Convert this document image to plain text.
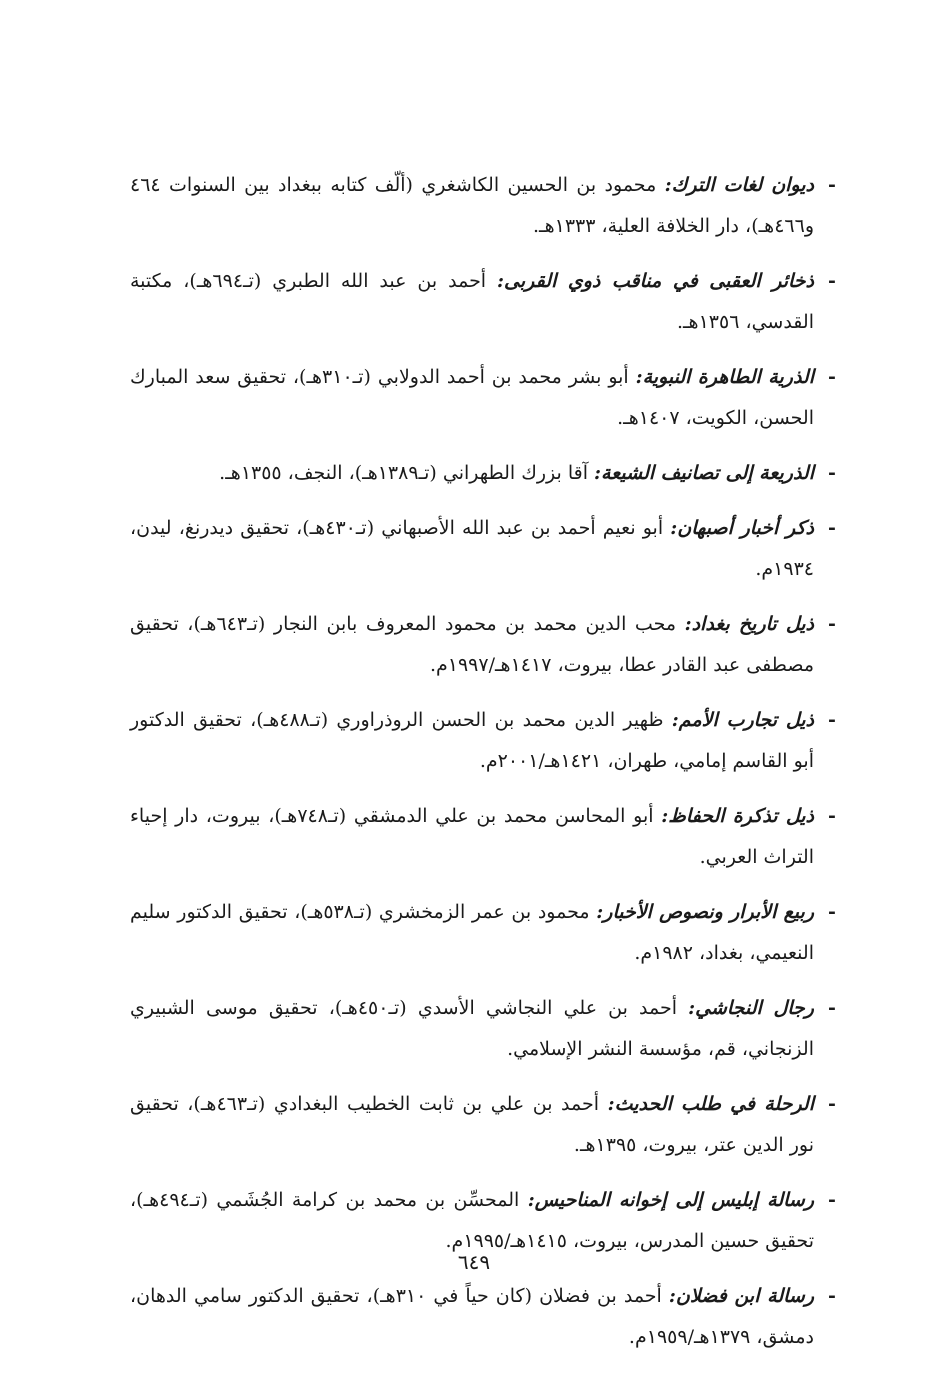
-
ديوان لغات الترك: محمود بن الحسين الكاشغري (ألّف كتابه ببغداد بين السنوات ٤٦٤ و٤٦٦هـ)، دار الخلافة العلية، ١٣٣٣هـ.
-
ذخائر العقبى في مناقب ذوي القربى: أحمد بن عبد الله الطبري (تـ٦٩٤هـ)، مكتبة القدسي، ١٣٥٦هـ.
-
الذرية الطاهرة النبوية: أبو بشر محمد بن أحمد الدولابي (تـ٣١٠هـ)، تحقيق سعد المبارك الحسن، الكويت، ١٤٠٧هـ.
-
الذريعة إلى تصانيف الشيعة: آقا بزرك الطهراني (تـ١٣٨٩هـ)، النجف، ١٣٥٥هـ.
-
ذكر أخبار أصبهان: أبو نعيم أحمد بن عبد الله الأصبهاني (تـ٤٣٠هـ)، تحقيق ديدرنغ، ليدن، ١٩٣٤م.
-
ذيل تاريخ بغداد: محب الدين محمد بن محمود المعروف بابن النجار (تـ٦٤٣هـ)، تحقيق مصطفى عبد القادر عطا، بيروت، ١٤١٧هـ/١٩٩٧م.
-
ذيل تجارب الأمم: ظهير الدين محمد بن الحسن الروذراوري (تـ٤٨٨هـ)، تحقيق الدكتور أبو القاسم إمامي، طهران، ١٤٢١هـ/٢٠٠١م.
-
ذيل تذكرة الحفاظ: أبو المحاسن محمد بن علي الدمشقي (تـ٧٤٨هـ)، بيروت، دار إحياء التراث العربي.
-
ربيع الأبرار ونصوص الأخبار: محمود بن عمر الزمخشري (تـ٥٣٨هـ)، تحقيق الدكتور سليم النعيمي، بغداد، ١٩٨٢م.
-
رجال النجاشي: أحمد بن علي النجاشي الأسدي (تـ٤٥٠هـ)، تحقيق موسى الشبيري الزنجاني، قم، مؤسسة النشر الإسلامي.
-
الرحلة في طلب الحديث: أحمد بن علي بن ثابت الخطيب البغدادي (تـ٤٦٣هـ)، تحقيق نور الدين عتر، بيروت، ١٣٩٥هـ.
-
رسالة إبليس إلى إخوانه المناحيس: المحسِّن بن محمد بن كرامة الجُشَمي (تـ٤٩٤هـ)، تحقيق حسين المدرس، بيروت، ١٤١٥هـ/١٩٩٥م.
-
رسالة ابن فضلان: أحمد بن فضلان (كان حياً في ٣١٠هـ)، تحقيق الدكتور سامي الدهان، دمشق، ١٣٧٩هـ/١٩٥٩م.
٦٤٩
